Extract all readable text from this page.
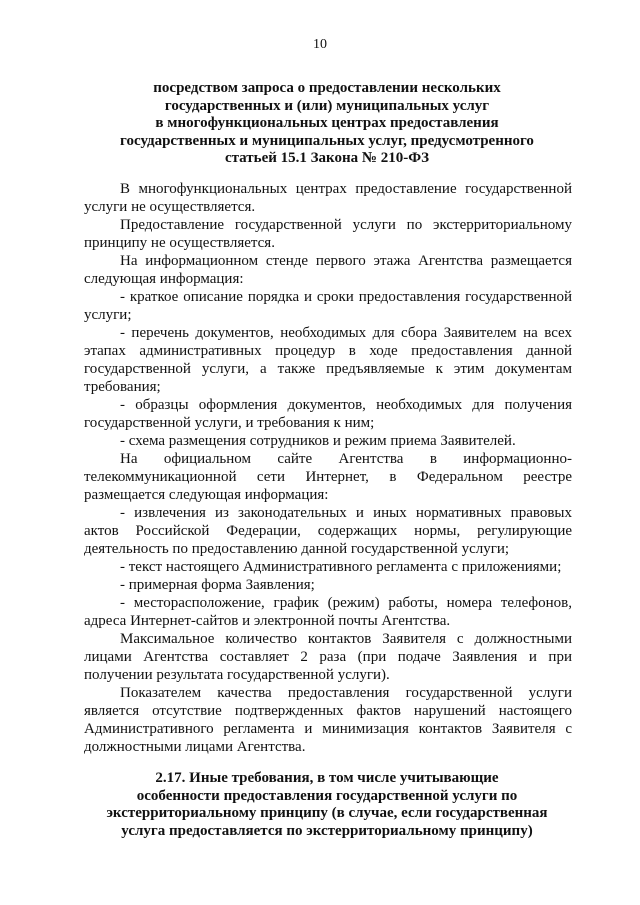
10
посредством запроса о предоставлении нескольких
государственных и (или) муниципальных услуг
в многофункциональных центрах предоставления
государственных и муниципальных услуг, предусмотренного
статьей 15.1 Закона № 210-ФЗ

В многофункциональных центрах предоставление государственной услуги не осуществляется.

Предоставление государственной услуги по экстерриториальному принципу не осуществляется.

На информационном стенде первого этажа Агентства размещается следующая информация:

- краткое описание порядка и сроки предоставления государственной услуги;

- перечень документов, необходимых для сбора Заявителем на всех этапах административных процедур в ходе предоставления данной государственной услуги, а также предъявляемые к этим документам требования;

- образцы оформления документов, необходимых для получения государственной услуги, и требования к ним;

- схема размещения сотрудников и режим приема Заявителей.

На официальном сайте Агентства в информационно-

телекоммуникационной сети Интернет, в Федеральном реестре размещается следующая информация:

- извлечения из законодательных и иных нормативных правовых актов Российской Федерации, содержащих нормы, регулирующие деятельность по предоставлению данной государственной услуги;

- текст настоящего Административного регламента с приложениями;

- примерная форма Заявления;

- месторасположение, график (режим) работы, номера телефонов, адреса Интернет-сайтов и электронной почты Агентства.

Максимальное количество контактов Заявителя с должностными лицами Агентства составляет 2 раза (при подаче Заявления и при получении результата государственной услуги).

Показателем качества предоставления государственной услуги является отсутствие подтвержденных фактов нарушений настоящего Административного регламента и минимизация контактов Заявителя с должностными лицами Агентства.

2.17. Иные требования, в том числе учитывающие
особенности предоставления государственной услуги по
экстерриториальному принципу (в случае, если государственная
услуга предоставляется по экстерриториальному принципу)
